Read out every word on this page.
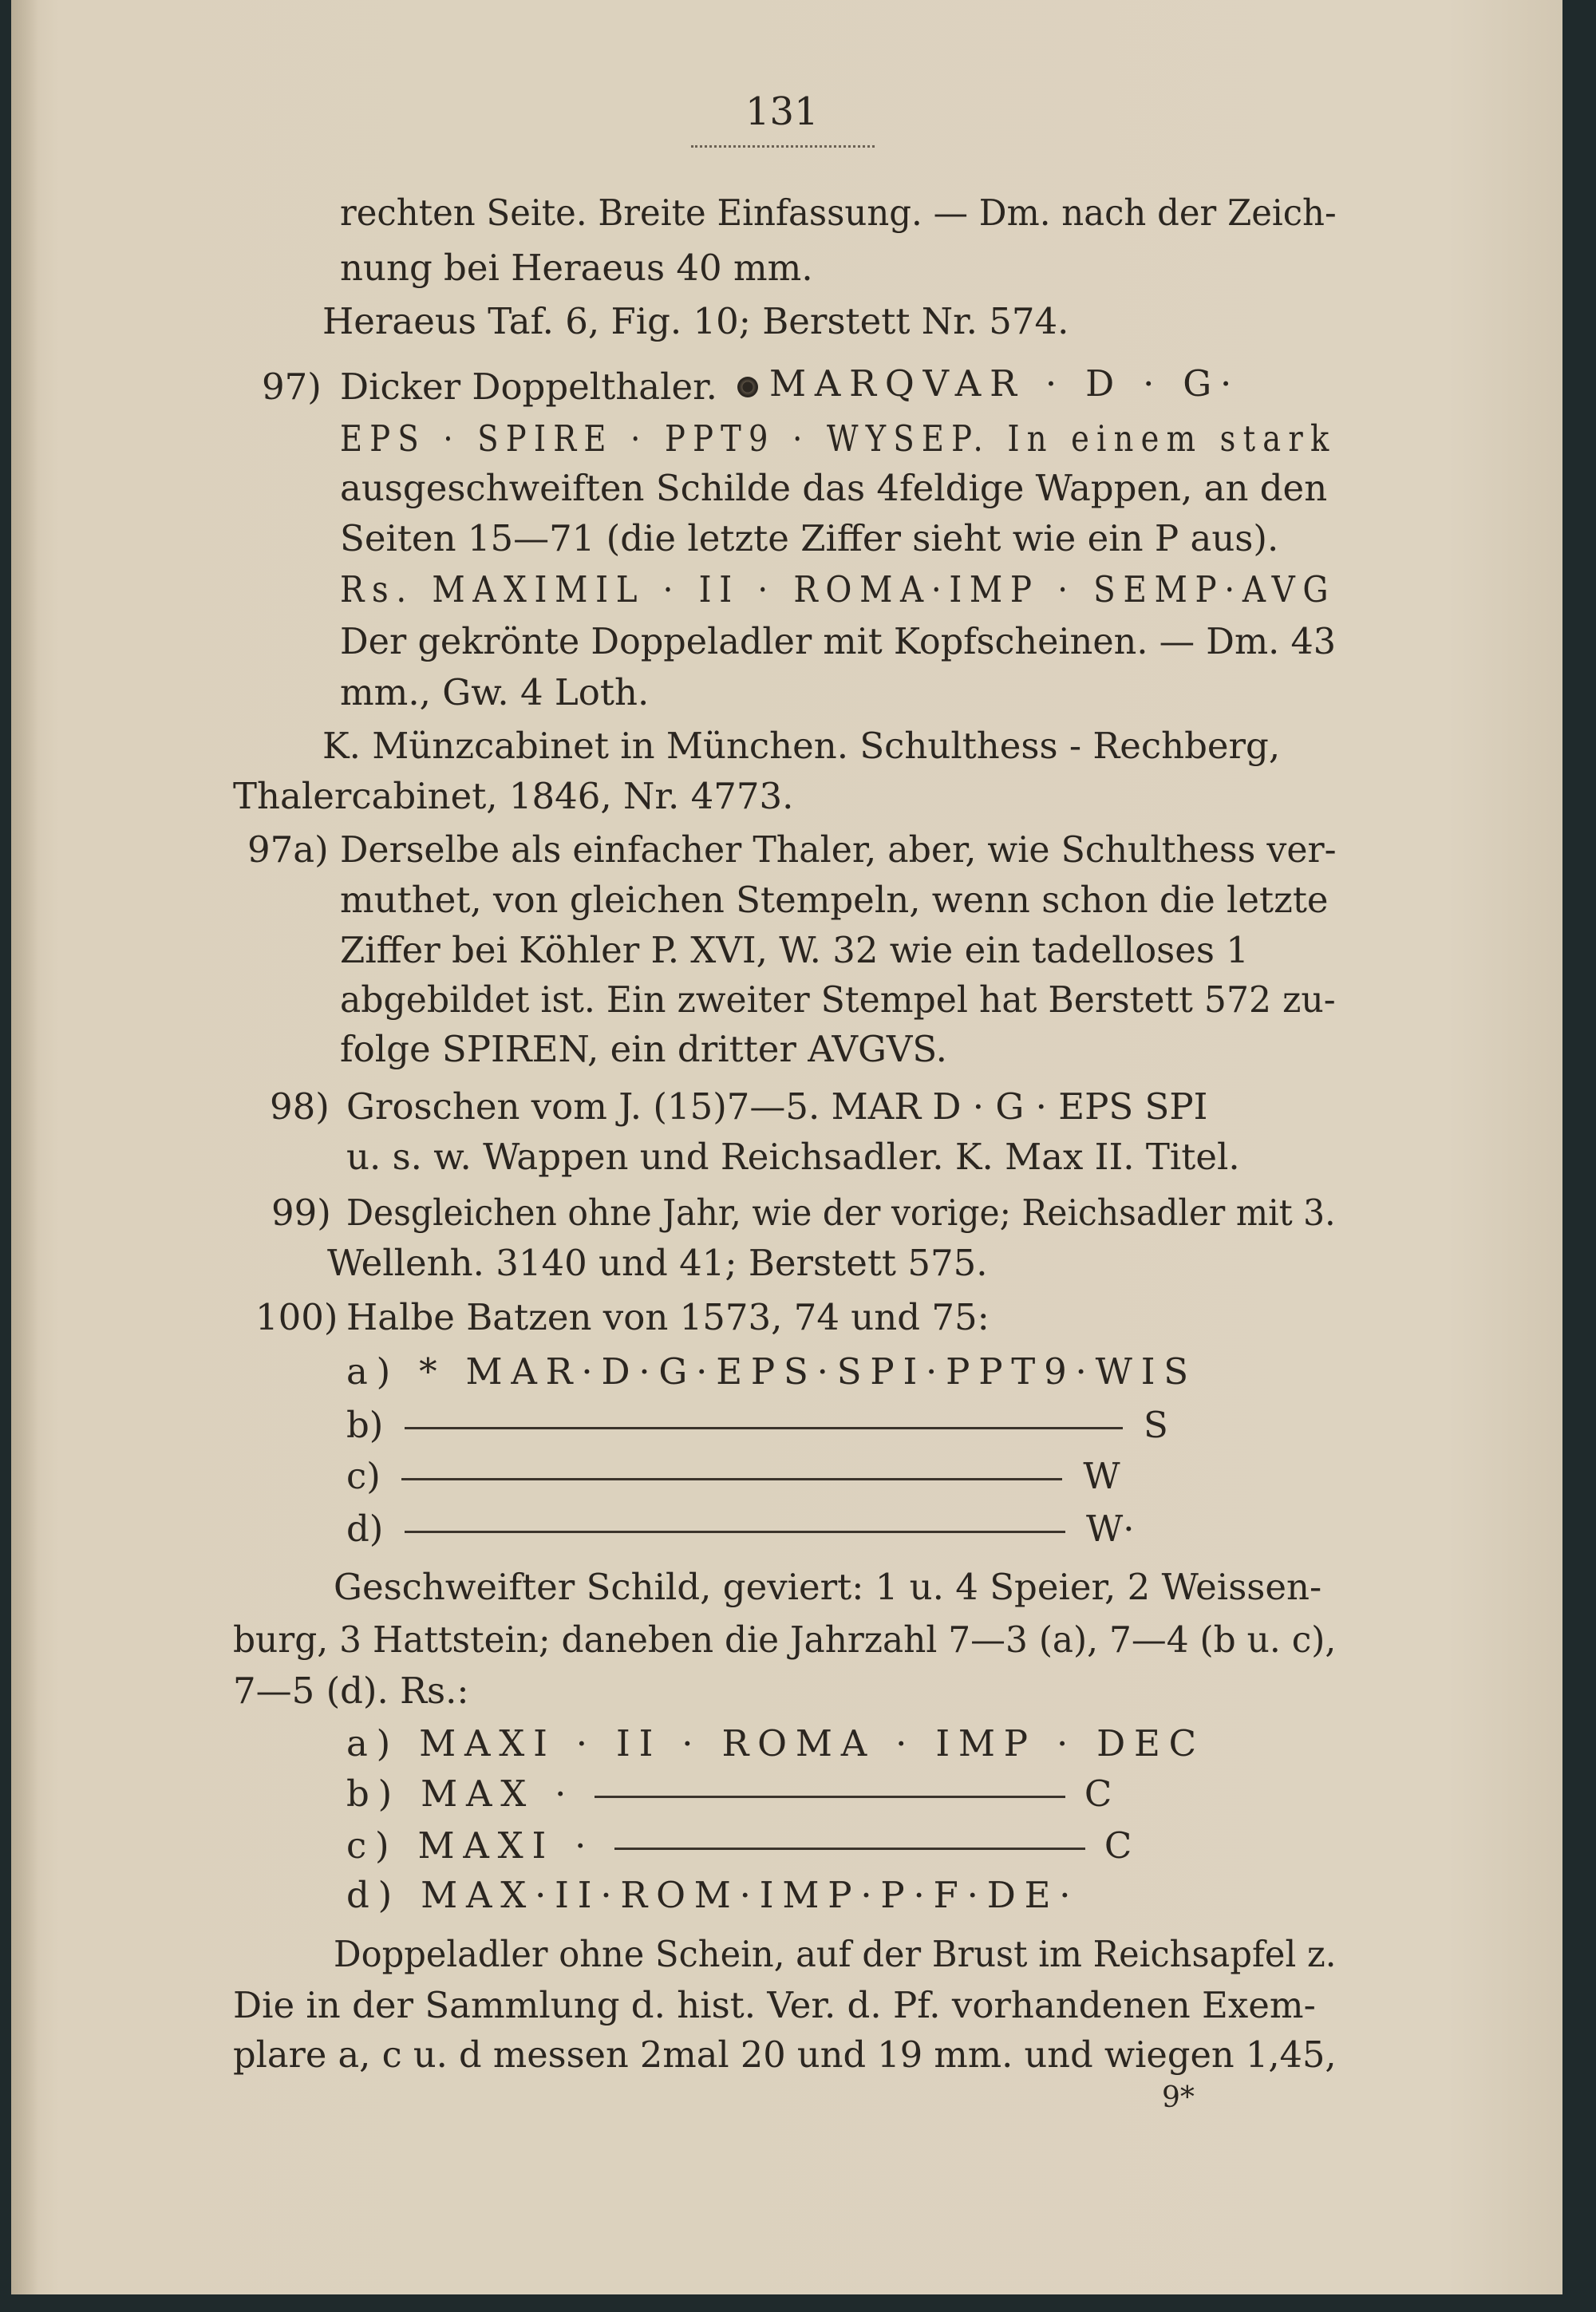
131
rechten Seite. Breite Einfassung. — Dm. nach der Zeich-
nung bei Heraeus 40 mm.
Heraeus Taf. 6, Fig. 10; Berstett Nr. 574.
97) Dicker Doppelthaler.	MARQVAR · D · G·
EPS · SPIRE · PPT9 · WYSEP. In einem stark
ausgeschweiften Schilde das 4feldige Wappen, an den
Seiten 15—71 (die letzte Ziffer sieht wie ein P aus).
Rs. MAXIMIL · II · ROMA·IMP · SEMP·AVG
Der gekrönte Doppeladler mit Kopfscheinen. — Dm. 43
mm., Gw. 4 Loth.
K. Münzcabinet in München. Schulthess - Rechberg,
Thalercabinet, 1846, Nr. 4773.
97a) Derselbe als einfacher Thaler, aber, wie Schulthess ver-
muthet, von gleichen Stempeln, wenn schon die letzte
Ziffer bei Köhler P. XVI, W. 32 wie ein tadelloses 1
abgebildet ist. Ein zweiter Stempel hat Berstett 572 zu-
folge SPIREN, ein dritter AVGVS.
98) Groschen vom J. (15)7—5. MAR D · G · EPS SPI
u. s. w. Wappen und Reichsadler. K. Max II. Titel.
99) Desgleichen ohne Jahr, wie der vorige; Reichsadler mit 3.
Wellenh. 3140 und 41; Berstett 575.
100) Halbe Batzen von 1573, 74 und 75:
a) * MAR·D·G·EPS·SPI·PPT9·WIS
b)	S
c)	W
d)	W·
Geschweifter Schild, geviert: 1 u. 4 Speier, 2 Weissen-
burg, 3 Hattstein; daneben die Jahrzahl 7—3 (a), 7—4 (b u. c),
7—5 (d). Rs.:
a) MAXI · II · ROMA · IMP · DEC
b) MAX ·	C
c) MAXI ·	C
d) MAX·II·ROM·IMP·P·F·DE·
Doppeladler ohne Schein, auf der Brust im Reichsapfel z.
Die in der Sammlung d. hist. Ver. d. Pf. vorhandenen Exem-
plare a, c u. d messen 2mal 20 und 19 mm. und wiegen 1,45,
9*
